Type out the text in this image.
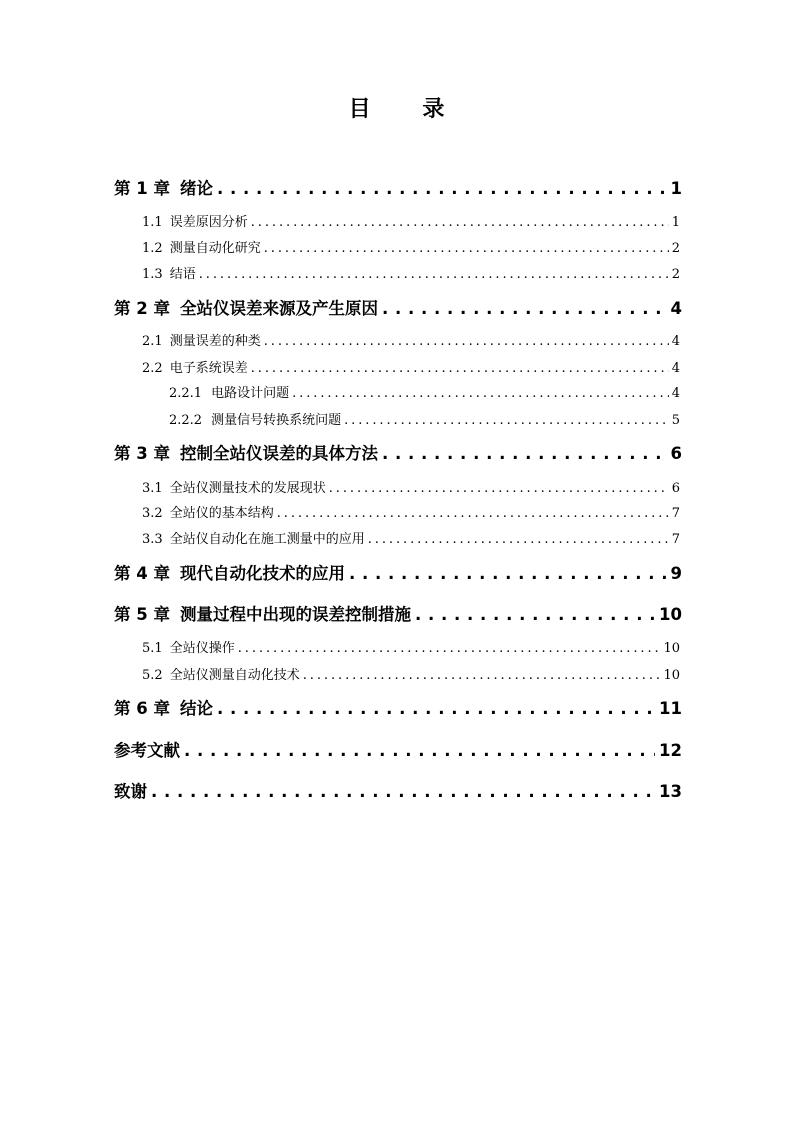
目 录
第 1 章 绪论 . . .	1
1.1 误差原因分析 . . .	1
1.2 测量自动化研究 . . .	2
1.3 结语 . . .	2
第 2 章 全站仪误差来源及产生原因 . . .	4
2.1 测量误差的种类 . . .	4
2.2 电子系统误差 . . .	4
2.2.1 电路设计问题 . . .	4
2.2.2 测量信号转换系统问题 . . .	5
第 3 章 控制全站仪误差的具体方法 . . .	6
3.1 全站仪测量技术的发展现状 . . .	6
3.2 全站仪的基本结构 . . .	7
3.3 全站仪自动化在施工测量中的应用 . . .	7
第 4 章 现代自动化技术的应用 . . .	9
第 5 章 测量过程中出现的误差控制措施 . . .	10
5.1 全站仪操作 . . .	10
5.2 全站仪测量自动化技术 . . .	10
第 6 章 结论 . . .	11
参考文献 . . .	12
致谢 . . .	13
